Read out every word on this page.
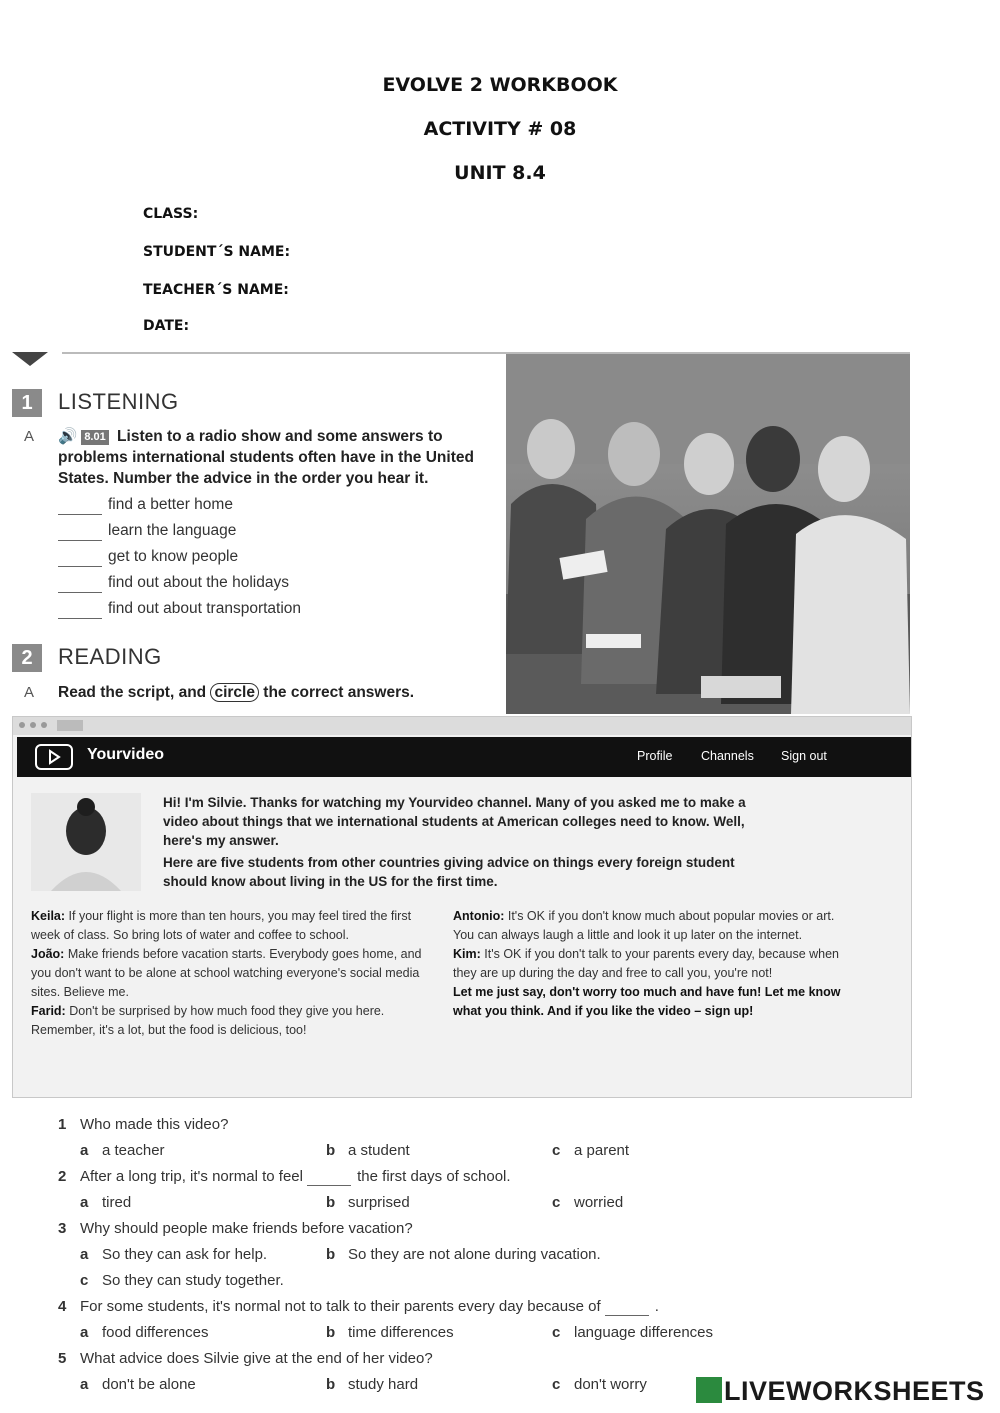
EVOLVE 2 WORKBOOK
ACTIVITY # 08
UNIT 8.4
CLASS:
STUDENT´S NAME:
TEACHER´S NAME:
DATE:
1	LISTENING
A 🔊 8.01 Listen to a radio show and some answers to problems international students often have in the United States. Number the advice in the order you hear it.
find a better home
learn the language
get to know people
find out about the holidays
find out about transportation
2	READING
A Read the script, and circle the correct answers.
Yourvideo	Profile Channels Sign out
Hi! I'm Silvie. Thanks for watching my Yourvideo channel. Many of you asked me to make a video about things that we international students at American colleges need to know. Well, here's my answer.
Here are five students from other countries giving advice on things every foreign student should know about living in the US for the first time.
Keila: If your flight is more than ten hours, you may feel tired the first week of class. So bring lots of water and coffee to school.
João: Make friends before vacation starts. Everybody goes home, and you don't want to be alone at school watching everyone's social media sites. Believe me.
Farid: Don't be surprised by how much food they give you here. Remember, it's a lot, but the food is delicious, too!
Antonio: It's OK if you don't know much about popular movies or art. You can always laugh a little and look it up later on the internet.
Kim: It's OK if you don't talk to your parents every day, because when they are up during the day and free to call you, you're not!
Let me just say, don't worry too much and have fun! Let me know what you think. And if you like the video – sign up!
1 Who made this video?
a a teacher	b a student	c a parent
2 After a long trip, it's normal to feel	the first days of school.
a tired	b surprised	c worried
3 Why should people make friends before vacation?
a So they can ask for help.	b So they are not alone during vacation.
c So they can study together.
4 For some students, it's normal not to talk to their parents every day because of	.
a food differences	b time differences	c language differences
5 What advice does Silvie give at the end of her video?
a don't be alone	b study hard	c don't worry	LIVEWORKSHEETS
